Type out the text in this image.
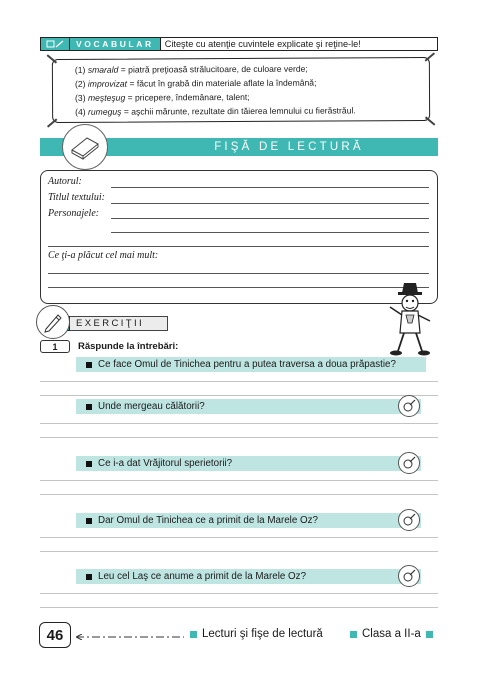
VOCABULAR	Citeşte cu atenţie cuvintele explicate şi reţine-le!
(1) smarald = piatră preţioasă strălucitoare, de culoare verde;
(2) improvizat = făcut în grabă din materiale aflate la îndemână;
(3) meşteşug = pricepere, îndemânare, talent;
(4) rumeguş = aşchii mărunte, rezultate din tăierea lemnului cu fierăstrăul.
FIŞĂ DE LECTURĂ
Autorul:
Titlul textului:
Personajele:
Ce ţi-a plăcut cel mai mult:
EXERCIŢII
1	Răspunde la întrebări:
Ce face Omul de Tinichea pentru a putea traversa a doua prăpastie?
Unde mergeau călătorii?
Ce i-a dat Vrăjitorul sperietorii?
Dar Omul de Tinichea ce a primit de la Marele Oz?
Leu cel Laş ce anume a primit de la Marele Oz?
46	Lecturi şi fişe de lectură	Clasa a II-a
